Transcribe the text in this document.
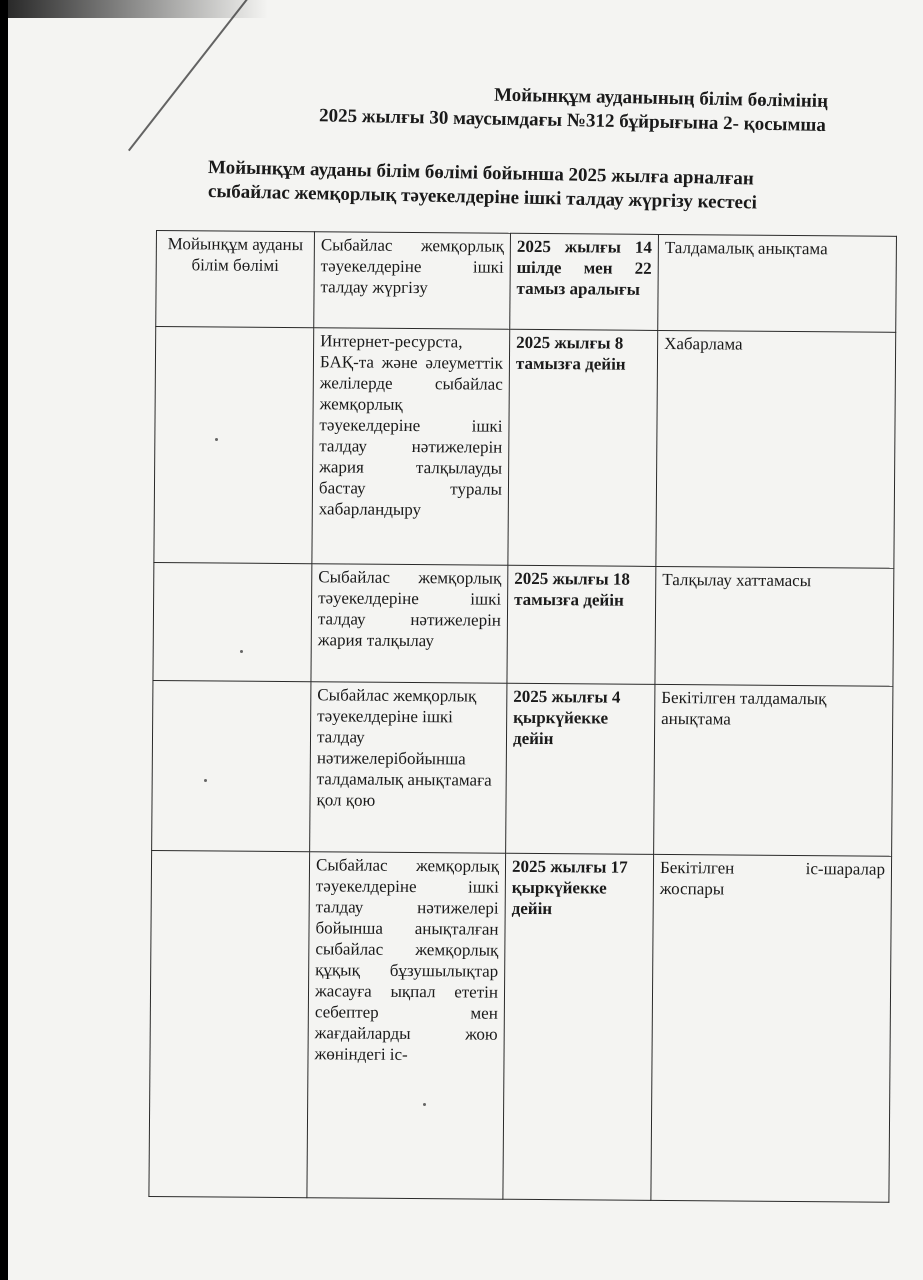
Мойынқұм ауданының білім бөлімінің
2025 жылғы 30 маусымдағы №312 бұйрығына 2- қосымша
Мойынқұм ауданы білім бөлімі бойынша 2025 жылға арналған
сыбайлас жемқорлық тәуекелдеріне ішкі талдау жүргізу кестесі
Мойынқұм ауданы білім бөлімі	Сыбайлас жемқорлық тәуекелдеріне ішкі талдау жүргізу	2025 жылғы 14 шілде мен 22 тамыз аралығы	Талдамалық анықтама
	Интернет-ресурста, БАҚ-та және әлеуметтік желілерде сыбайлас жемқорлық тәуекелдеріне ішкі талдау нәтижелерін жария талқылауды бастау туралы хабарландыру	2025 жылғы 8 тамызға дейін	Хабарлама
	Сыбайлас жемқорлық тәуекелдеріне ішкі талдау нәтижелерін жария талқылау	2025 жылғы 18 тамызға дейін	Талқылау хаттамасы
	Сыбайлас жемқорлық тәуекелдеріне ішкі талдау нәтижелерібойынша талдамалық анықтамаға қол қою	2025 жылғы 4 қыркүйекке дейін	Бекітілген талдамалық анықтама
	Сыбайлас жемқорлық тәуекелдеріне ішкі талдау нәтижелері бойынша анықталған сыбайлас жемқорлық құқық бұзушылықтар жасауға ықпал ететін себептер мен жағдайларды жою жөніндегі іс-	2025 жылғы 17 қыркүйекке дейін	Бекітілген іс-шаралар жоспары
